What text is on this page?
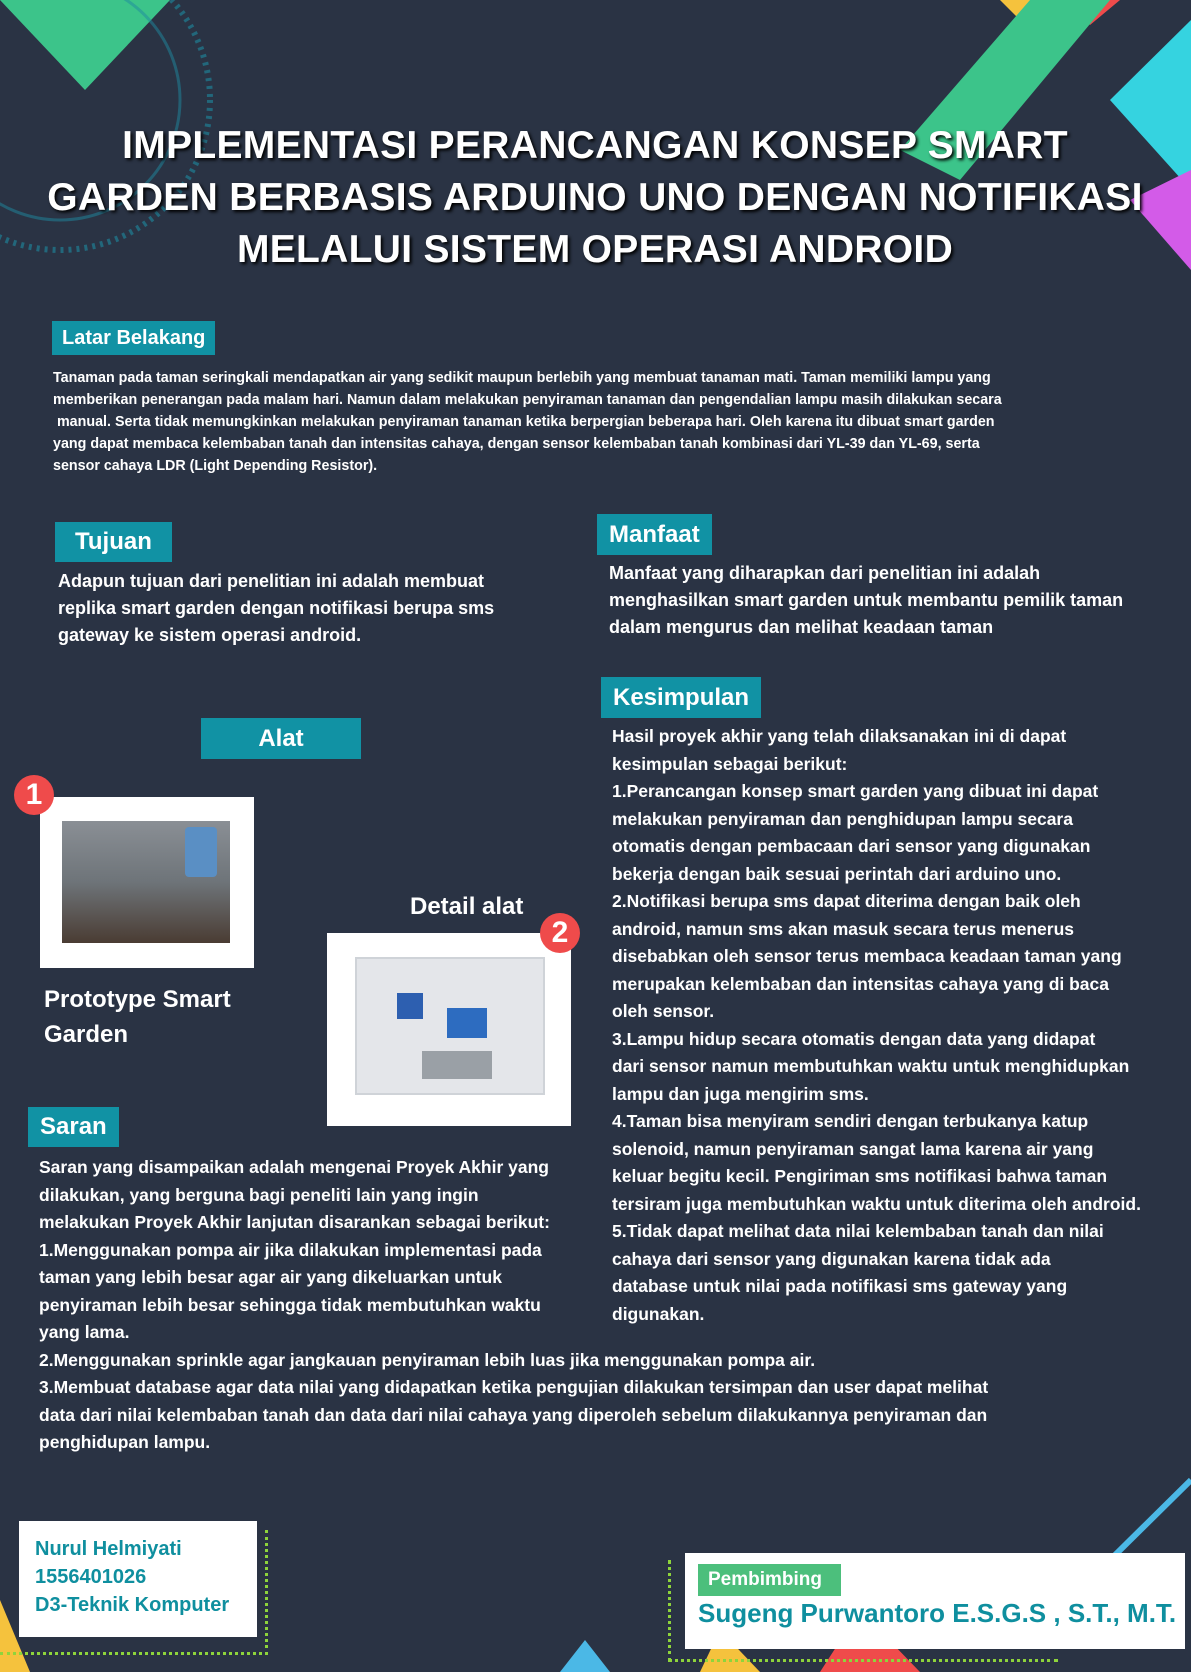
IMPLEMENTASI PERANCANGAN KONSEP SMART
GARDEN BERBASIS ARDUINO UNO DENGAN NOTIFIKASI
MELALUI SISTEM OPERASI ANDROID
Latar Belakang
Tanaman pada taman seringkali mendapatkan air yang sedikit maupun berlebih yang membuat tanaman mati. Taman memiliki lampu yang
memberikan penerangan pada malam hari. Namun dalam melakukan penyiraman tanaman dan pengendalian lampu masih dilakukan secara
manual. Serta tidak memungkinkan melakukan penyiraman tanaman ketika berpergian beberapa hari. Oleh karena itu dibuat smart garden
yang dapat membaca kelembaban tanah dan intensitas cahaya, dengan sensor kelembaban tanah kombinasi dari YL-39 dan YL-69, serta
sensor cahaya LDR (Light Depending Resistor).
Tujuan
Adapun tujuan dari penelitian ini adalah membuat
replika smart garden dengan notifikasi berupa sms
gateway ke sistem operasi android.
Manfaat
Manfaat yang diharapkan dari penelitian ini adalah
menghasilkan smart garden untuk membantu pemilik taman
dalam mengurus dan melihat keadaan taman
Alat
1
Prototype Smart
Garden
Detail alat
2
Kesimpulan
Hasil proyek akhir yang telah dilaksanakan ini di dapat
kesimpulan sebagai berikut:
1.Perancangan konsep smart garden yang dibuat ini dapat
melakukan penyiraman dan penghidupan lampu secara
otomatis dengan pembacaan dari sensor yang digunakan
bekerja dengan baik sesuai perintah dari arduino uno.
2.Notifikasi berupa sms dapat diterima dengan baik oleh
android, namun sms akan masuk secara terus menerus
disebabkan oleh sensor terus membaca keadaan taman yang
merupakan kelembaban dan intensitas cahaya yang di baca
oleh sensor.
3.Lampu hidup secara otomatis dengan data yang didapat
dari sensor namun membutuhkan waktu untuk menghidupkan
lampu dan juga mengirim sms.
4.Taman bisa menyiram sendiri dengan terbukanya katup
solenoid, namun penyiraman sangat lama karena air yang
keluar begitu kecil. Pengiriman sms notifikasi bahwa taman
tersiram juga membutuhkan waktu untuk diterima oleh android.
5.Tidak dapat melihat data nilai kelembaban tanah dan nilai
cahaya dari sensor yang digunakan karena tidak ada
database untuk nilai pada notifikasi sms gateway yang
digunakan.
Saran
Saran yang disampaikan adalah mengenai Proyek Akhir yang
dilakukan, yang berguna bagi peneliti lain yang ingin
melakukan Proyek Akhir lanjutan disarankan sebagai berikut:
1.Menggunakan pompa air jika dilakukan implementasi pada
taman yang lebih besar agar air yang dikeluarkan untuk
penyiraman lebih besar sehingga tidak membutuhkan waktu
yang lama.
2.Menggunakan sprinkle agar jangkauan penyiraman lebih luas jika menggunakan pompa air.
3.Membuat database agar data nilai yang didapatkan ketika pengujian dilakukan tersimpan dan user dapat melihat
data dari nilai kelembaban tanah dan data dari nilai cahaya yang diperoleh sebelum dilakukannya penyiraman dan
penghidupan lampu.
Nurul Helmiyati
1556401026
D3-Teknik Komputer
Pembimbing
Sugeng Purwantoro E.S.G.S , S.T., M.T.
